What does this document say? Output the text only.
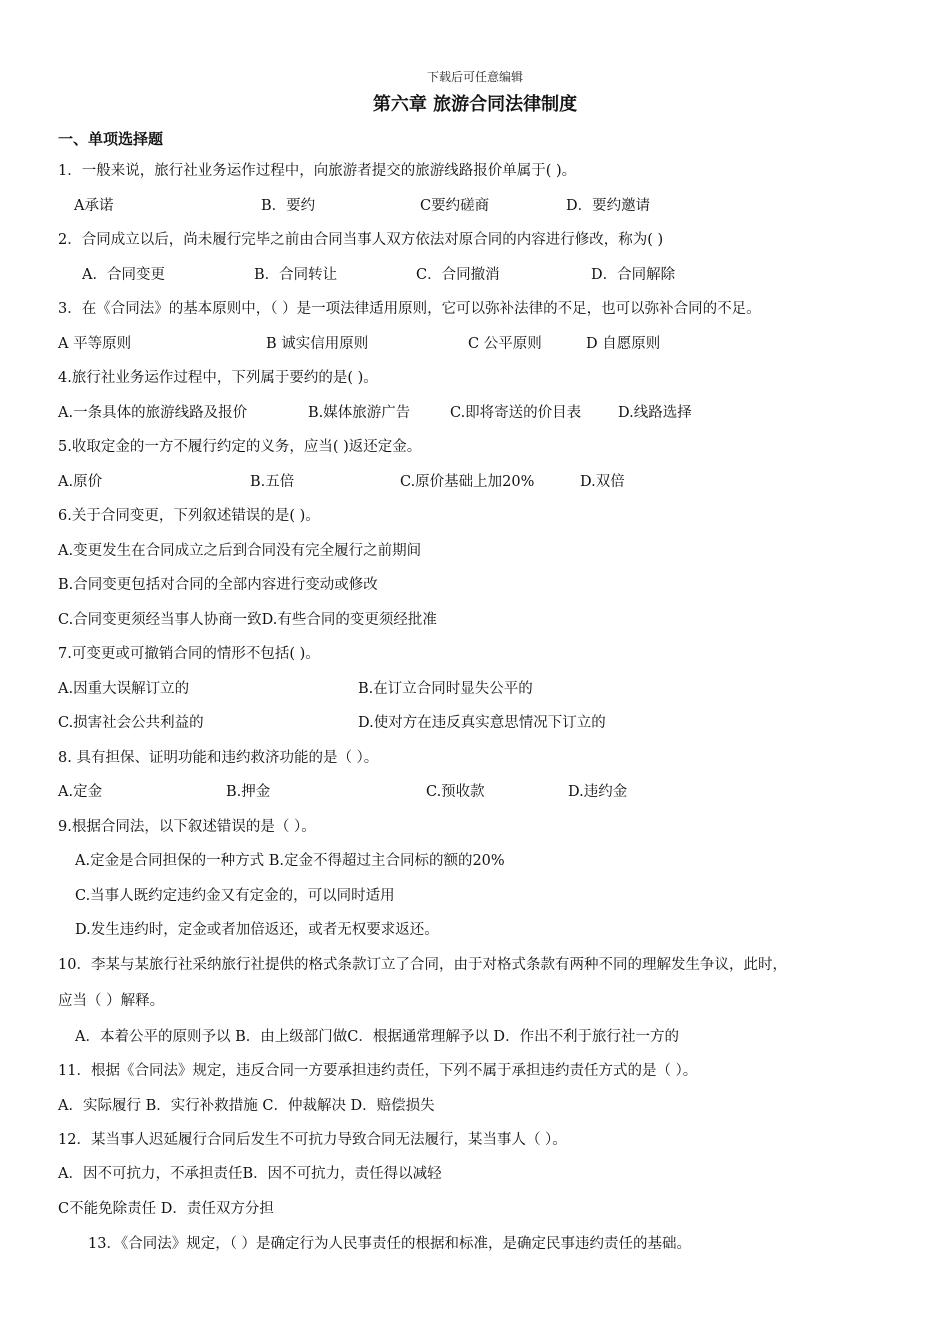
下载后可任意编辑
第六章 旅游合同法律制度
一、单项选择题
1．一般来说，旅行社业务运作过程中，向旅游者提交的旅游线路报价单属于( )。
A承诺	B．要约	C要约磋商	D．要约邀请
2．合同成立以后，尚未履行完毕之前由合同当事人双方依法对原合同的内容进行修改，称为( )
A．合同变更	B．合同转让	C．合同撤消	D．合同解除
3．在《合同法》的基本原则中，（ ）是一项法律适用原则，它可以弥补法律的不足，也可以弥补合同的不足。
A 平等原则	B 诚实信用原则	C 公平原则	D 自愿原则
4.旅行社业务运作过程中，下列属于要约的是( )。
A.一条具体的旅游线路及报价	B.媒体旅游广告	C.即将寄送的价目表	D.线路选择
5.收取定金的一方不履行约定的义务，应当( )返还定金。
A.原价	B.五倍	C.原价基础上加20%	D.双倍
6.关于合同变更，下列叙述错误的是( )。
A.变更发生在合同成立之后到合同没有完全履行之前期间
B.合同变更包括对合同的全部内容进行变动或修改
C.合同变更须经当事人协商一致D.有些合同的变更须经批准
7.可变更或可撤销合同的情形不包括( )。
A.因重大误解订立的	B.在订立合同时显失公平的
C.损害社会公共利益的	D.使对方在违反真实意思情况下订立的
8. 具有担保、证明功能和违约救济功能的是（ ）。
A.定金	B.押金	C.预收款	D.违约金
9.根据合同法，以下叙述错误的是（ ）。
A.定金是合同担保的一种方式 B.定金不得超过主合同标的额的20%
C.当事人既约定违约金又有定金的，可以同时适用
D.发生违约时，定金或者加倍返还，或者无权要求返还。
10．李某与某旅行社采纳旅行社提供的格式条款订立了合同，由于对格式条款有两种不同的理解发生争议，此时，
应当（ ）解释。
A．本着公平的原则予以 B．由上级部门做C．根据通常理解予以 D．作出不利于旅行社一方的
11．根据《合同法》规定，违反合同一方要承担违约责任，下列不属于承担违约责任方式的是（ ）。
A．实际履行 B．实行补救措施 C．仲裁解决 D．赔偿损失
12．某当事人迟延履行合同后发生不可抗力导致合同无法履行，某当事人（ ）。
A．因不可抗力，不承担责任B．因不可抗力，责任得以减轻
C不能免除责任 D．责任双方分担
13．《合同法》规定，（ ）是确定行为人民事责任的根据和标准，是确定民事违约责任的基础。
